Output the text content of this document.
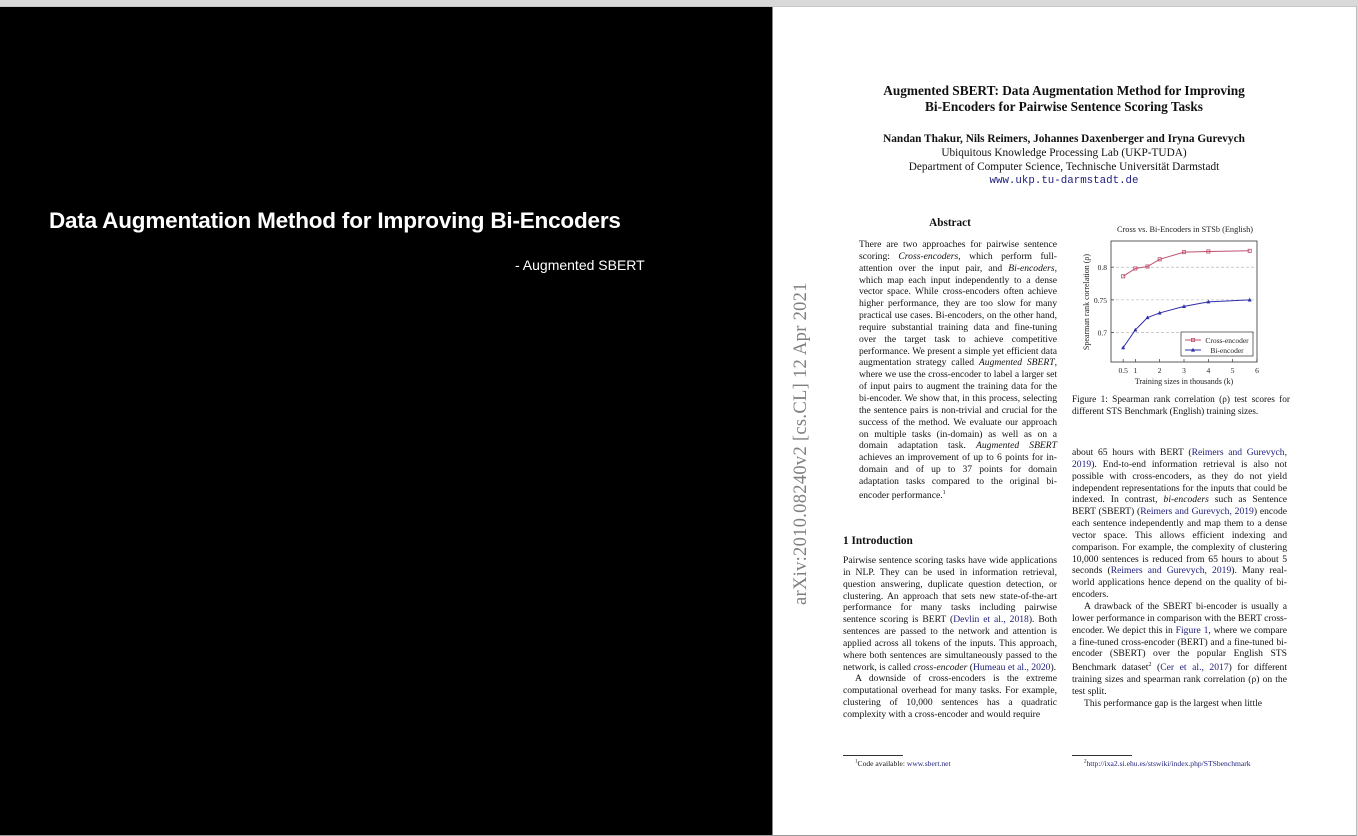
Data Augmentation Method for Improving Bi-Encoders
- Augmented SBERT
arXiv:2010.08240v2 [cs.CL] 12 Apr 2021
Augmented SBERT: Data Augmentation Method for Improving
Bi-Encoders for Pairwise Sentence Scoring Tasks
Nandan Thakur, Nils Reimers, Johannes Daxenberger and Iryna Gurevych
Ubiquitous Knowledge Processing Lab (UKP-TUDA)
Department of Computer Science, Technische Universität Darmstadt
www.ukp.tu-darmstadt.de
Abstract

There are two approaches for pairwise sentence scoring: Cross-encoders, which perform full-attention over the input pair, and Bi-encoders, which map each input independently to a dense vector space. While cross-encoders often achieve higher performance, they are too slow for many practical use cases. Bi-encoders, on the other hand, require substantial training data and fine-tuning over the target task to achieve competitive performance. We present a simple yet efficient data augmentation strategy called Augmented SBERT, where we use the cross-encoder to label a larger set of input pairs to augment the training data for the bi-encoder. We show that, in this process, selecting the sentence pairs is non-trivial and crucial for the success of the method. We evaluate our approach on multiple tasks (in-domain) as well as on a domain adaptation task. Augmented SBERT achieves an improvement of up to 6 points for in-domain and of up to 37 points for domain adaptation tasks compared to the original bi-encoder performance.$^1$

1 Introduction

Pairwise sentence scoring tasks have wide applications in NLP. They can be used in information retrieval, question answering, duplicate question detection, or clustering. An approach that sets new state-of-the-art performance for many tasks including pairwise sentence scoring is BERT (Devlin et al., 2018). Both sentences are passed to the network and attention is applied across all tokens of the inputs. This approach, where both sentences are simultaneously passed to the network, is called cross-encoder (Humeau et al., 2020).

A downside of cross-encoders is the extreme computational overhead for many tasks. For example, clustering of 10,000 sentences has a quadratic complexity with a cross-encoder and would require

$^1$Code available: www.sbert.net
Cross vs. Bi-Encoders in STSb (English)
0.7
0.75
0.8
0.5 1	2	3	4	5	6
Spearman rank correlation (ρ)
Training sizes in thousands (k)
Cross-encoder
Bi-encoder
Figure 1: Spearman rank correlation (ρ) test scores for different STS Benchmark (English) training sizes.

about 65 hours with BERT (Reimers and Gurevych, 2019). End-to-end information retrieval is also not possible with cross-encoders, as they do not yield independent representations for the inputs that could be indexed. In contrast, bi-encoders such as Sentence BERT (SBERT) (Reimers and Gurevych, 2019) encode each sentence independently and map them to a dense vector space. This allows efficient indexing and comparison. For example, the complexity of clustering 10,000 sentences is reduced from 65 hours to about 5 seconds (Reimers and Gurevych, 2019). Many real-world applications hence depend on the quality of bi-encoders.

A drawback of the SBERT bi-encoder is usually a lower performance in comparison with the BERT cross-encoder. We depict this in Figure 1, where we compare a fine-tuned cross-encoder (BERT) and a fine-tuned bi-encoder (SBERT) over the popular English STS Benchmark dataset$^2$ (Cer et al., 2017) for different training sizes and spearman rank correlation (ρ) on the test split.

This performance gap is the largest when little

$^2$http://ixa2.si.ehu.es/stswiki/index.php/STSbenchmark
